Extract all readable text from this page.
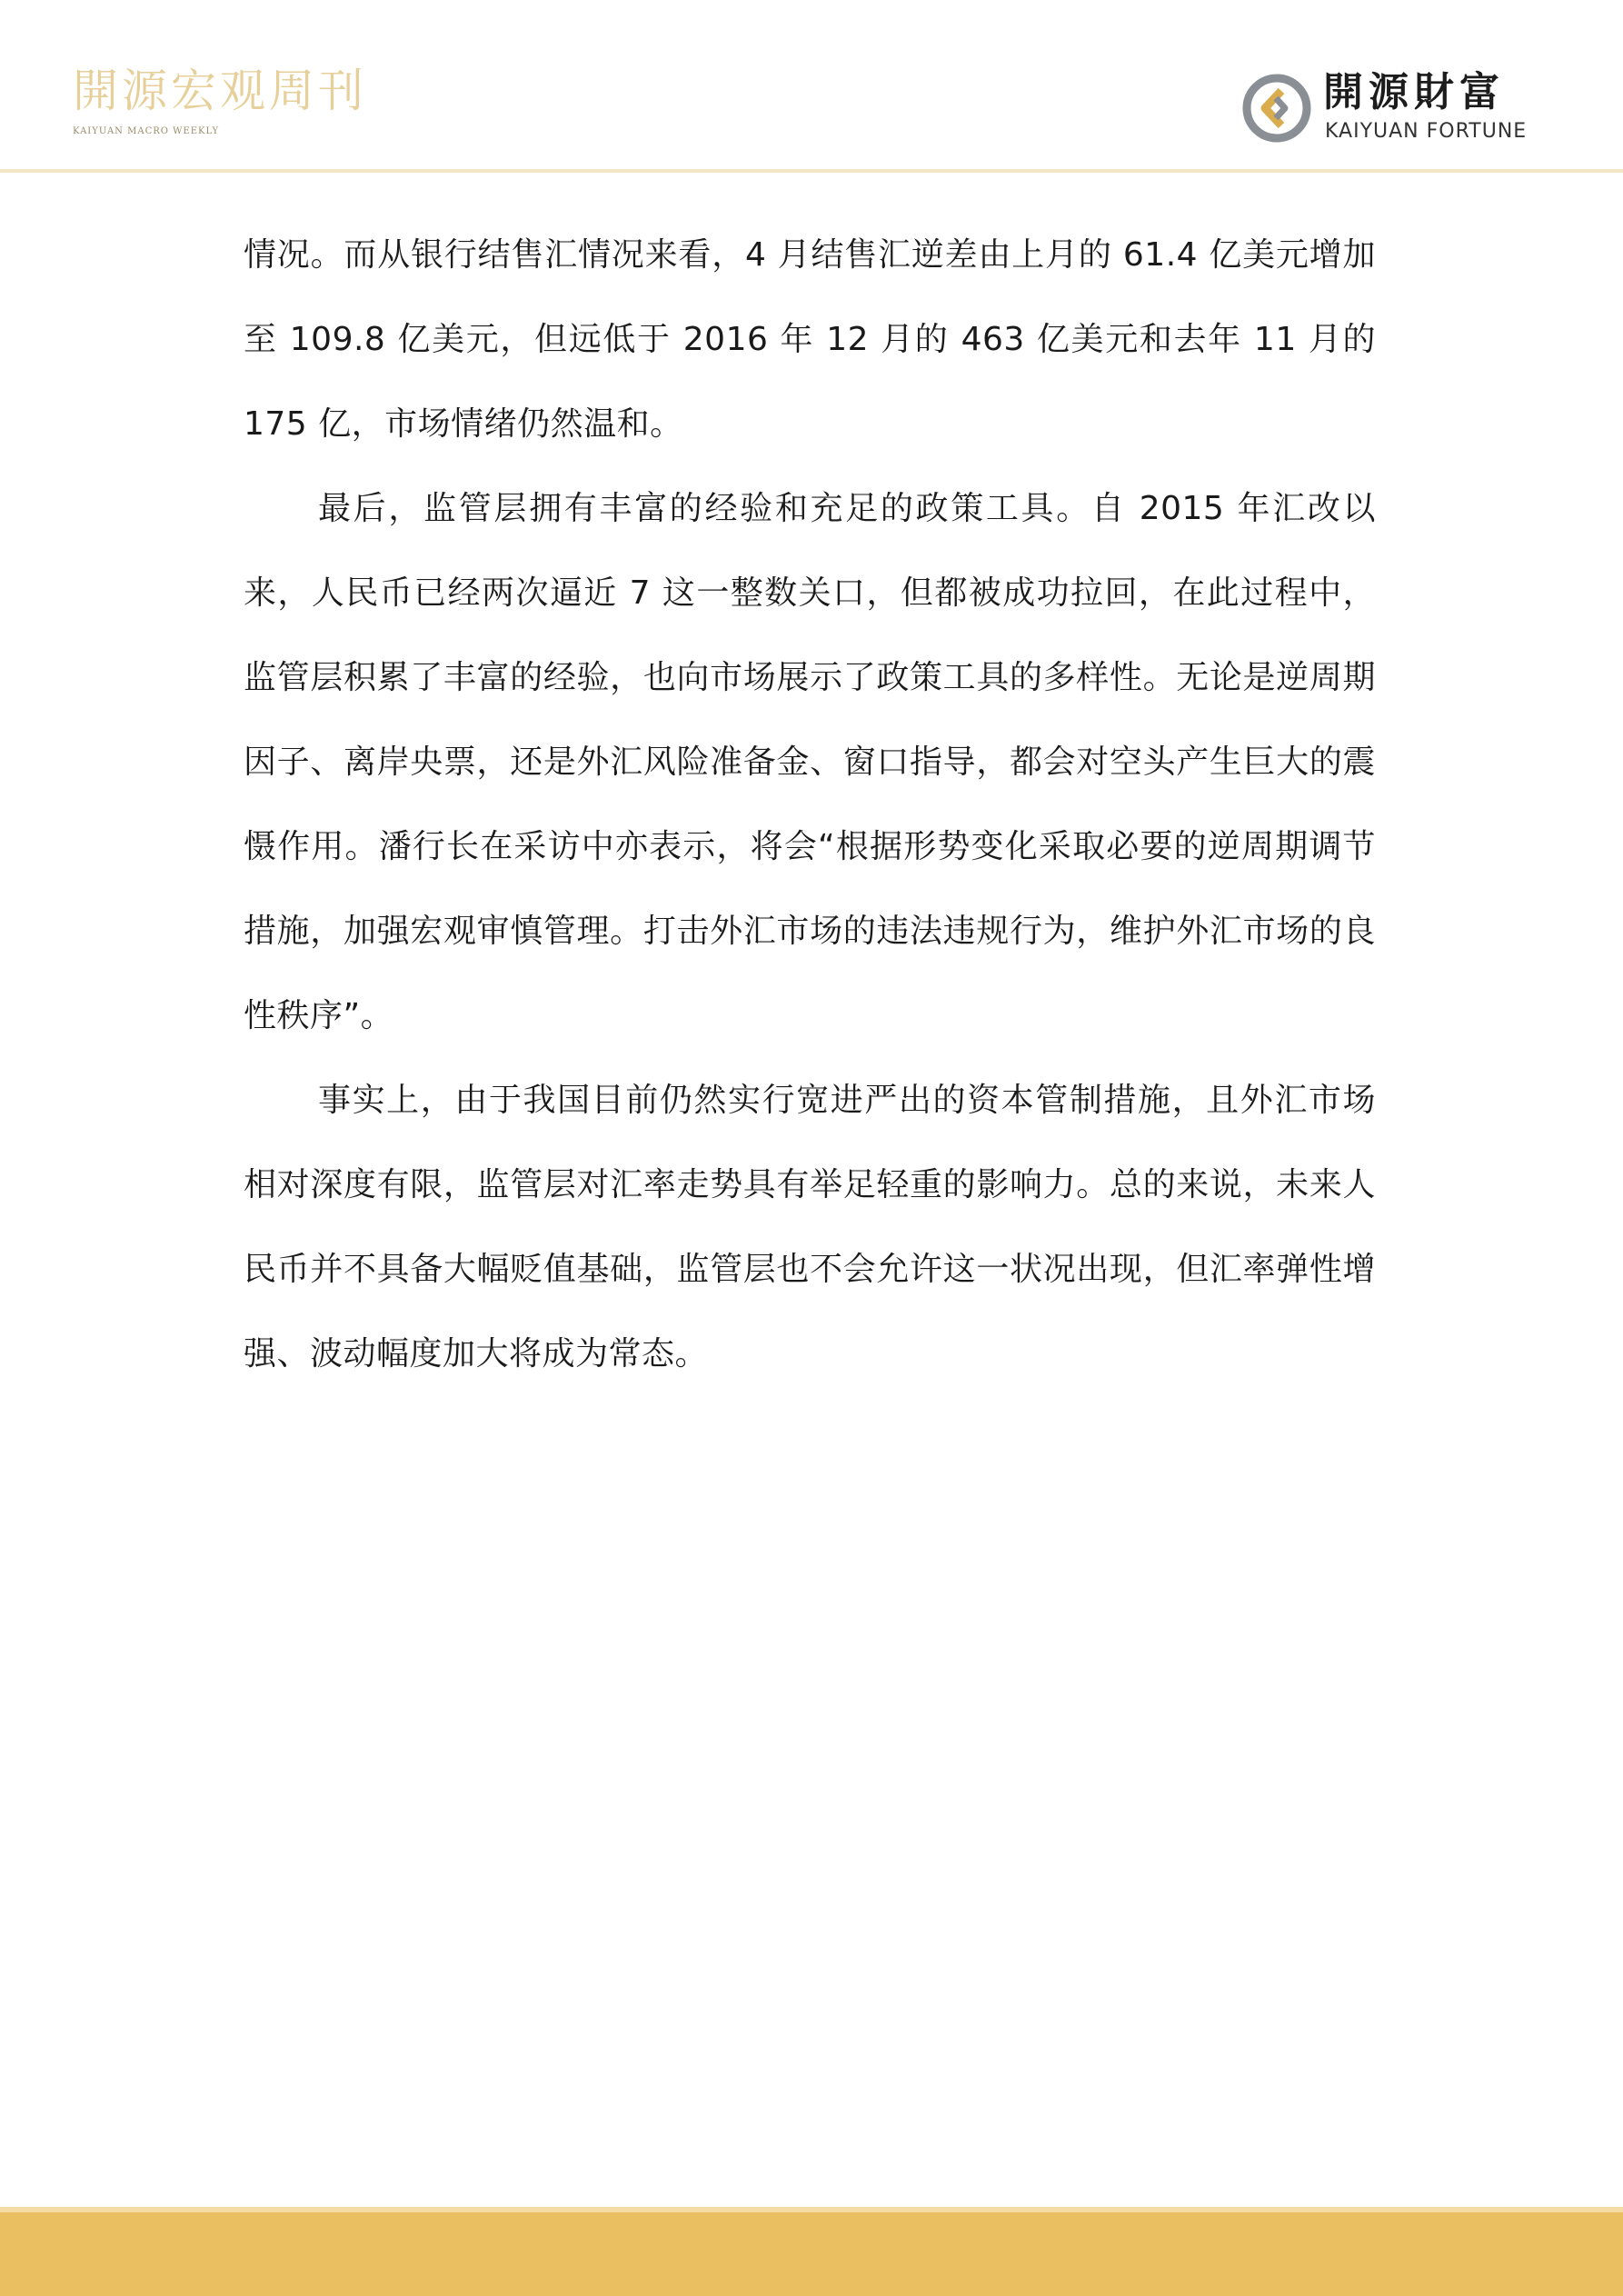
開源宏观周刊
KAIYUAN MACRO WEEKLY
開源財富
KAIYUAN FORTUNE

情况。而从银行结售汇情况来看，4 月结售汇逆差由上月的 61.4 亿美元增加至 109.8 亿美元，但远低于 2016 年 12 月的 463 亿美元和去年 11 月的 175 亿，市场情绪仍然温和。

最后，监管层拥有丰富的经验和充足的政策工具。自 2015 年汇改以来，人民币已经两次逼近 7 这一整数关口，但都被成功拉回，在此过程中，监管层积累了丰富的经验，也向市场展示了政策工具的多样性。无论是逆周期因子、离岸央票，还是外汇风险准备金、窗口指导，都会对空头产生巨大的震慑作用。潘行长在采访中亦表示，将会“根据形势变化采取必要的逆周期调节措施，加强宏观审慎管理。打击外汇市场的违法违规行为，维护外汇市场的良性秩序”。

事实上，由于我国目前仍然实行宽进严出的资本管制措施，且外汇市场相对深度有限，监管层对汇率走势具有举足轻重的影响力。总的来说，未来人民币并不具备大幅贬值基础，监管层也不会允许这一状况出现，但汇率弹性增强、波动幅度加大将成为常态。
